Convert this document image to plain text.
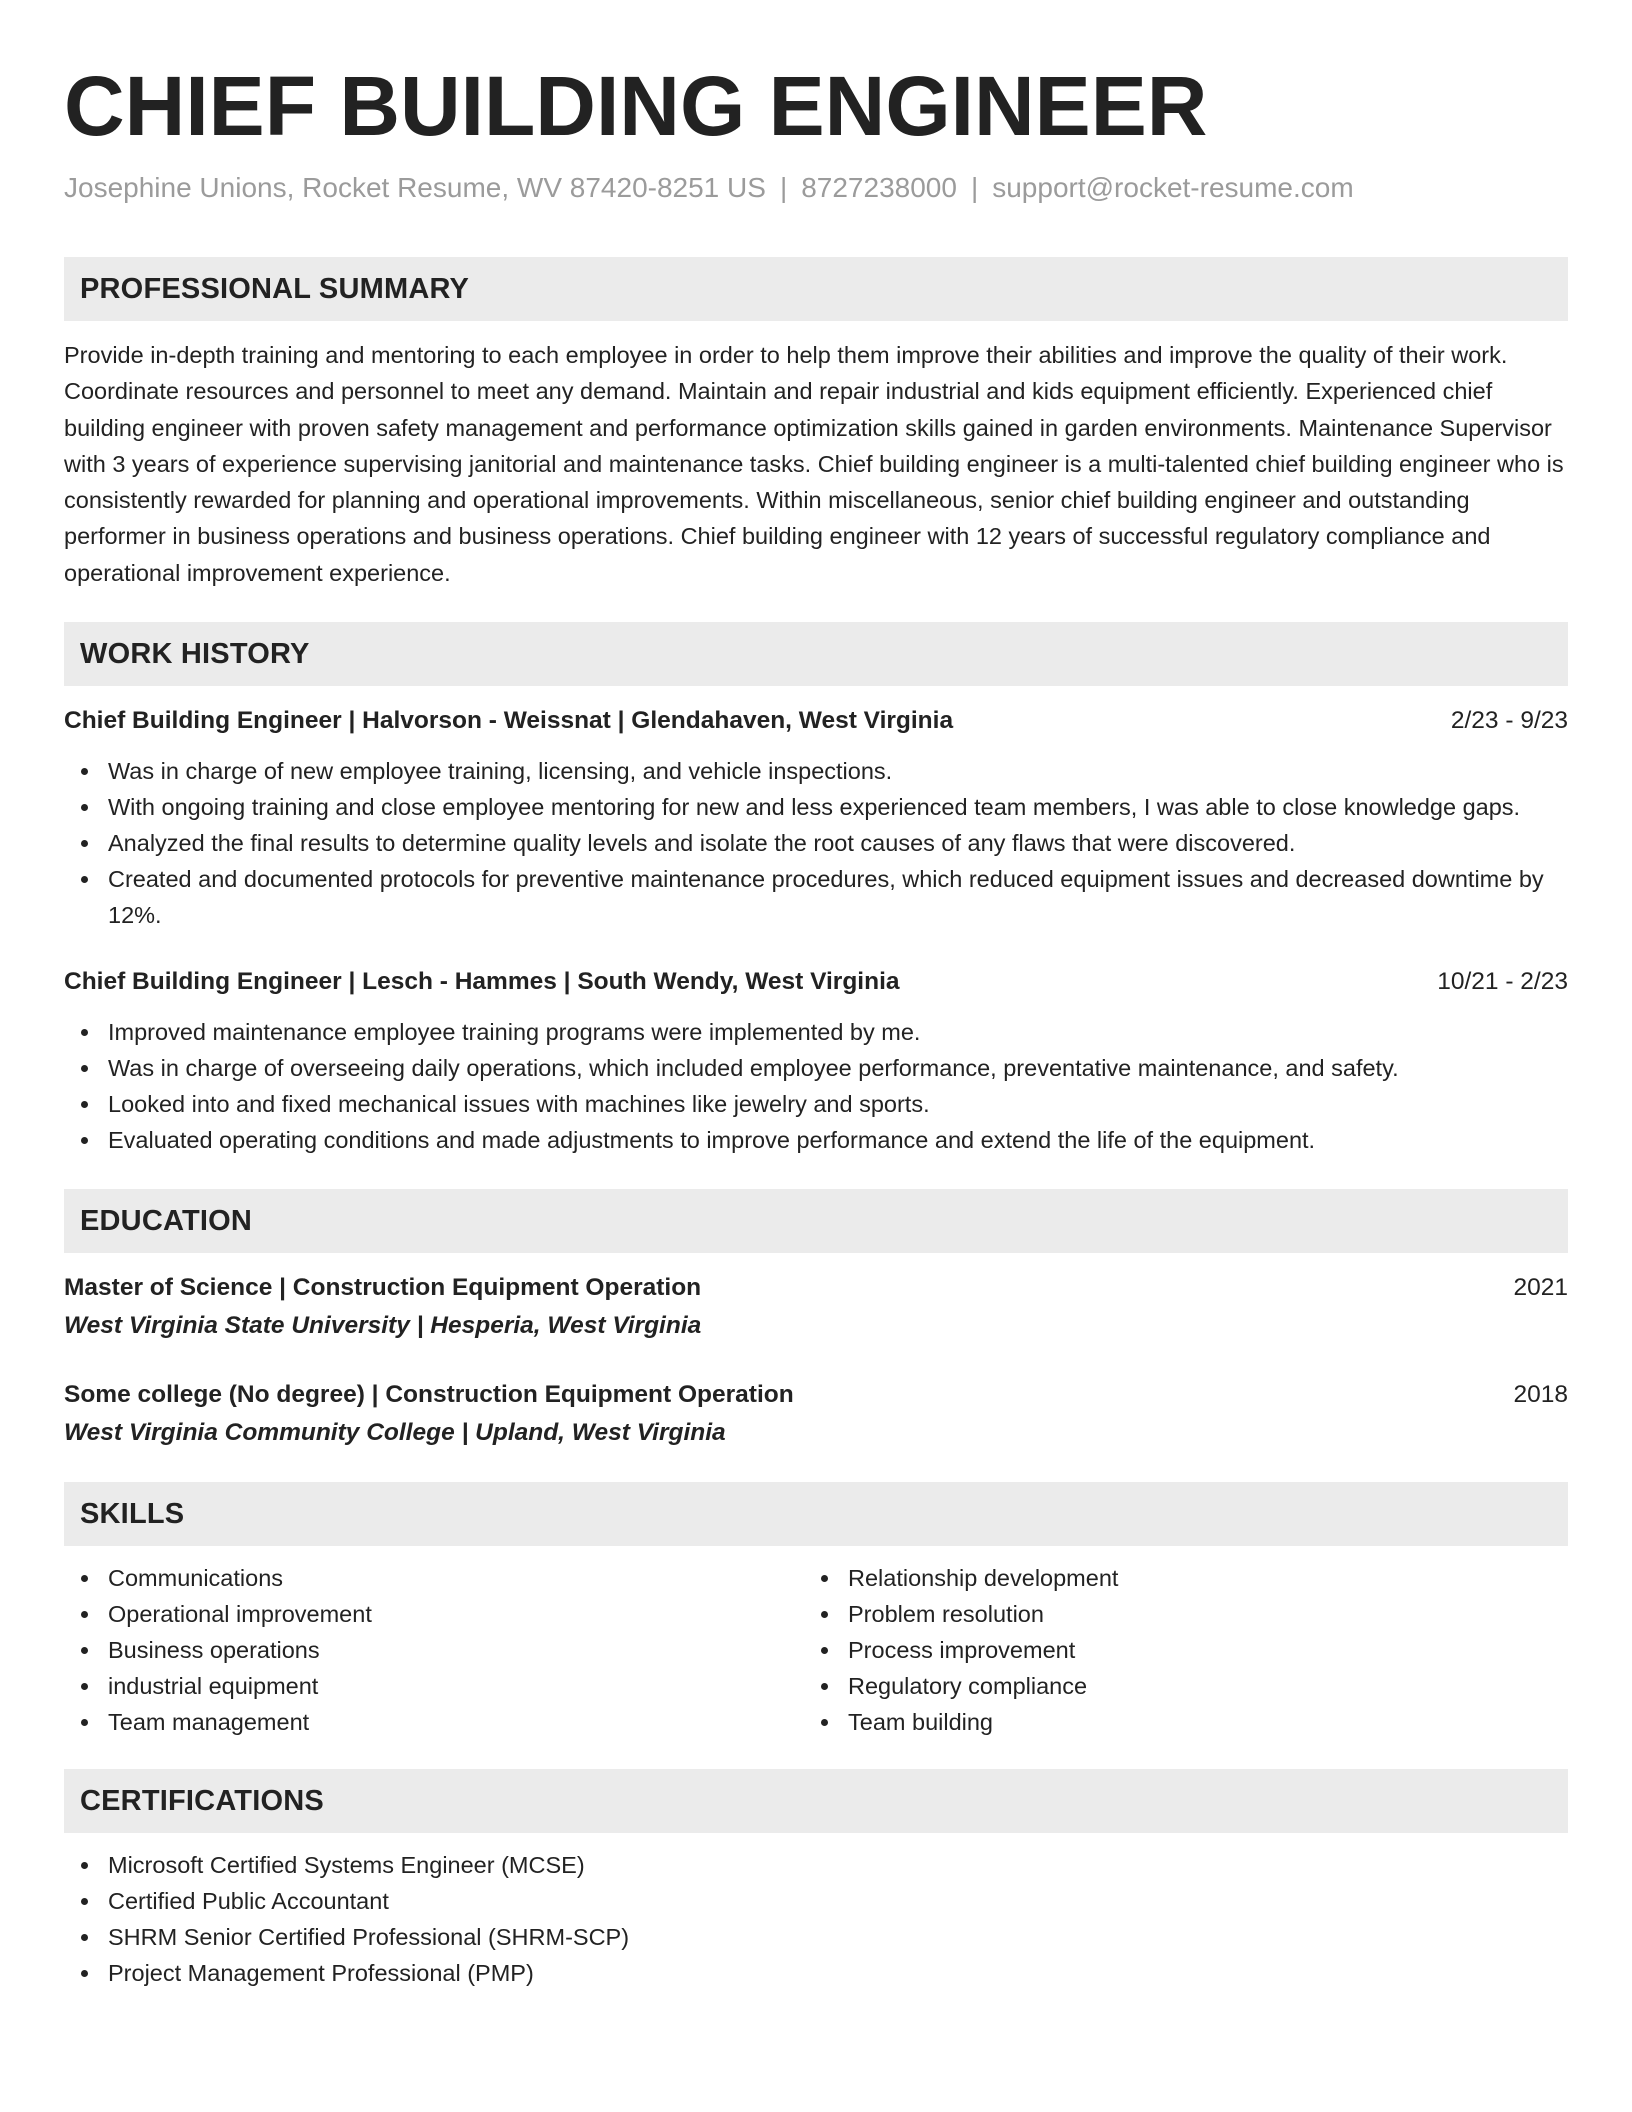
CHIEF BUILDING ENGINEER
Josephine Unions, Rocket Resume, WV 87420-8251 US | 8727238000 | support@rocket-resume.com
PROFESSIONAL SUMMARY

Provide in-depth training and mentoring to each employee in order to help them improve their abilities and improve the quality of their work. Coordinate resources and personnel to meet any demand. Maintain and repair industrial and kids equipment efficiently. Experienced chief building engineer with proven safety management and performance optimization skills gained in garden environments. Maintenance Supervisor with 3 years of experience supervising janitorial and maintenance tasks. Chief building engineer is a multi-talented chief building engineer who is consistently rewarded for planning and operational improvements. Within miscellaneous, senior chief building engineer and outstanding performer in business operations and business operations. Chief building engineer with 12 years of successful regulatory compliance and operational improvement experience.

WORK HISTORY
Chief Building Engineer | Halvorson - Weissnat | Glendahaven, West Virginia	2/23 - 9/23
Was in charge of new employee training, licensing, and vehicle inspections.
With ongoing training and close employee mentoring for new and less experienced team members, I was able to close knowledge gaps.
Analyzed the final results to determine quality levels and isolate the root causes of any flaws that were discovered.
Created and documented protocols for preventive maintenance procedures, which reduced equipment issues and decreased downtime by 12%.
Chief Building Engineer | Lesch - Hammes | South Wendy, West Virginia	10/21 - 2/23
Improved maintenance employee training programs were implemented by me.
Was in charge of overseeing daily operations, which included employee performance, preventative maintenance, and safety.
Looked into and fixed mechanical issues with machines like jewelry and sports.
Evaluated operating conditions and made adjustments to improve performance and extend the life of the equipment.
EDUCATION
Master of Science | Construction Equipment Operation	2021
West Virginia State University | Hesperia, West Virginia
Some college (No degree) | Construction Equipment Operation	2018
West Virginia Community College | Upland, West Virginia
SKILLS
Communications
Operational improvement
Business operations
industrial equipment
Team management
Relationship development
Problem resolution
Process improvement
Regulatory compliance
Team building
CERTIFICATIONS
Microsoft Certified Systems Engineer (MCSE)
Certified Public Accountant
SHRM Senior Certified Professional (SHRM-SCP)
Project Management Professional (PMP)
